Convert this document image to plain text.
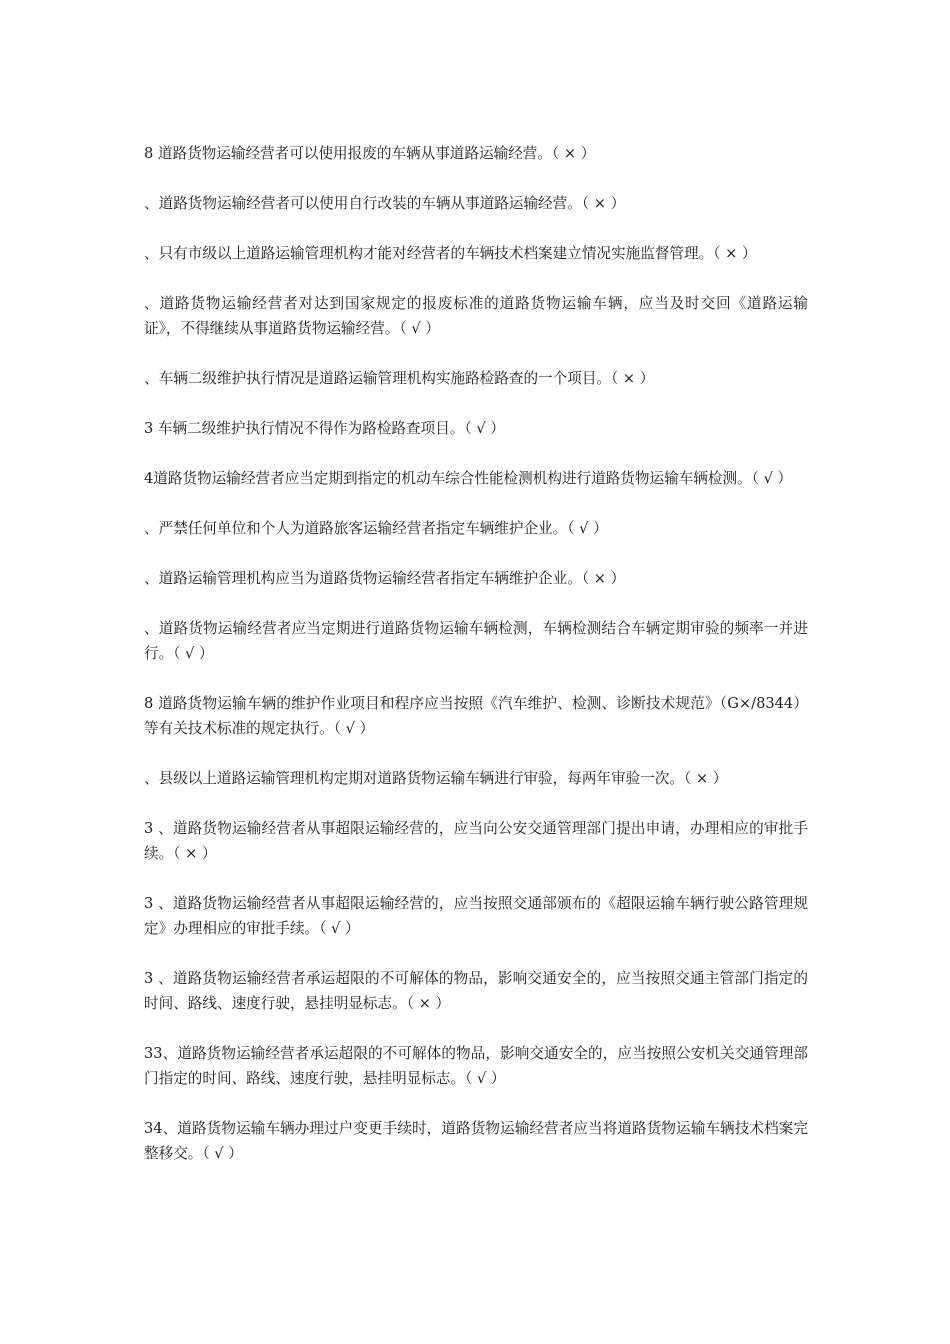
8 道路货物运输经营者可以使用报废的车辆从事道路运输经营。（ × ）

、道路货物运输经营者可以使用自行改装的车辆从事道路运输经营。（ × ）

、只有市级以上道路运输管理机构才能对经营者的车辆技术档案建立情况实施监督管理。（ × ）

、道路货物运输经营者对达到国家规定的报废标准的道路货物运输车辆，应当及时交回《道路运输证》，不得继续从事道路货物运输经营。（ √ ）

、车辆二级维护执行情况是道路运输管理机构实施路检路查的一个项目。（ × ）

3 车辆二级维护执行情况不得作为路检路查项目。（ √ ）

4道路货物运输经营者应当定期到指定的机动车综合性能检测机构进行道路货物运输车辆检测。（ √ ）

、严禁任何单位和个人为道路旅客运输经营者指定车辆维护企业。（ √ ）

、道路运输管理机构应当为道路货物运输经营者指定车辆维护企业。（ × ）

、道路货物运输经营者应当定期进行道路货物运输车辆检测，车辆检测结合车辆定期审验的频率一并进行。（ √ ）

8 道路货物运输车辆的维护作业项目和程序应当按照《汽车维护、检测、诊断技术规范》（G×/8344）等有关技术标准的规定执行。（ √ ）

、县级以上道路运输管理机构定期对道路货物运输车辆进行审验，每两年审验一次。（ × ）

3 、道路货物运输经营者从事超限运输经营的，应当向公安交通管理部门提出申请，办理相应的审批手续。（ × ）

3 、道路货物运输经营者从事超限运输经营的，应当按照交通部颁布的《超限运输车辆行驶公路管理规定》办理相应的审批手续。（ √ ）

3 、道路货物运输经营者承运超限的不可解体的物品，影响交通安全的，应当按照交通主管部门指定的时间、路线、速度行驶，悬挂明显标志。（ × ）

33、道路货物运输经营者承运超限的不可解体的物品，影响交通安全的，应当按照公安机关交通管理部门指定的时间、路线、速度行驶，悬挂明显标志。（ √ ）

34、道路货物运输车辆办理过户变更手续时，道路货物运输经营者应当将道路货物运输车辆技术档案完整移交。（ √ ）
